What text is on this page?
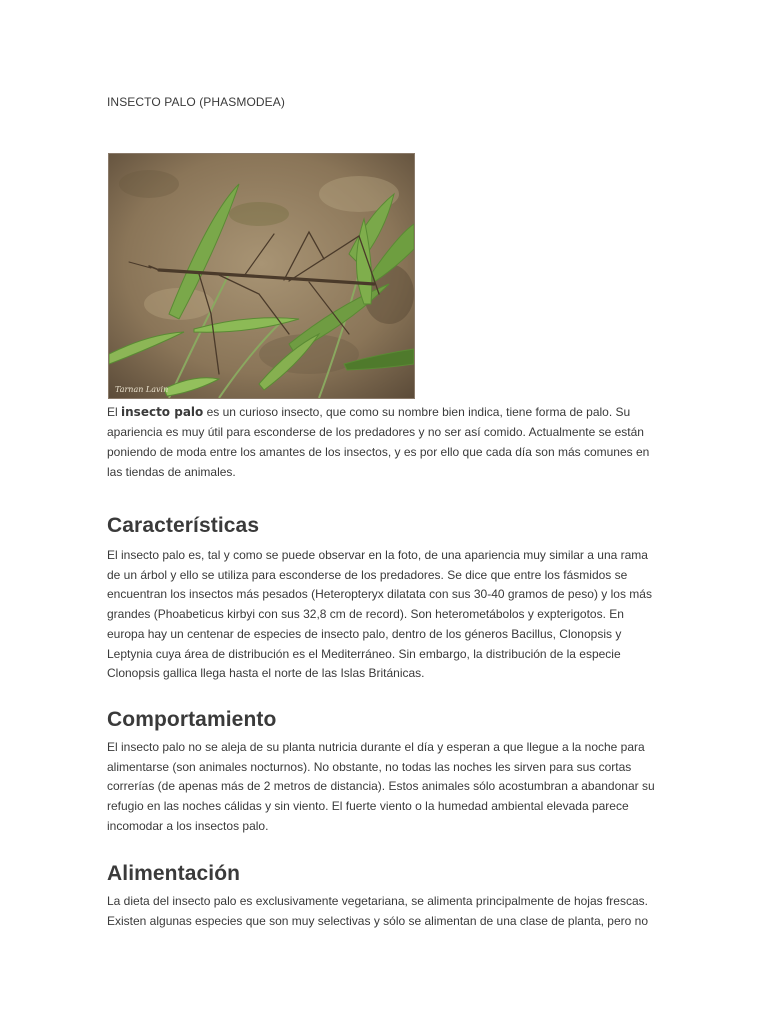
INSECTO PALO (PHASMODEA)
Tarnan Lavin

El insecto palo es un curioso insecto, que como su nombre bien indica, tiene forma de palo. Su apariencia es muy útil para esconderse de los predadores y no ser así comido. Actualmente se están poniendo de moda entre los amantes de los insectos, y es por ello que cada día son más comunes en las tiendas de animales.

Características

El insecto palo es, tal y como se puede observar en la foto, de una apariencia muy similar a una rama de un árbol y ello se utiliza para esconderse de los predadores. Se dice que entre los fásmidos se encuentran los insectos más pesados (Heteropteryx dilatata con sus 30-40 gramos de peso) y los más grandes (Phoabeticus kirbyi con sus 32,8 cm de record). Son heterometábolos y expterigotos. En europa hay un centenar de especies de insecto palo, dentro de los géneros Bacillus, Clonopsis y Leptynia cuya área de distribución es el Mediterráneo. Sin embargo, la distribución de la especie Clonopsis gallica llega hasta el norte de las Islas Británicas.

Comportamiento

El insecto palo no se aleja de su planta nutricia durante el día y esperan a que llegue a la noche para alimentarse (son animales nocturnos). No obstante, no todas las noches les sirven para sus cortas correrías (de apenas más de 2 metros de distancia). Estos animales sólo acostumbran a abandonar su refugio en las noches cálidas y sin viento. El fuerte viento o la humedad ambiental elevada parece incomodar a los insectos palo.

Alimentación

La dieta del insecto palo es exclusivamente vegetariana, se alimenta principalmente de hojas frescas. Existen algunas especies que son muy selectivas y sólo se alimentan de una clase de planta, pero no
